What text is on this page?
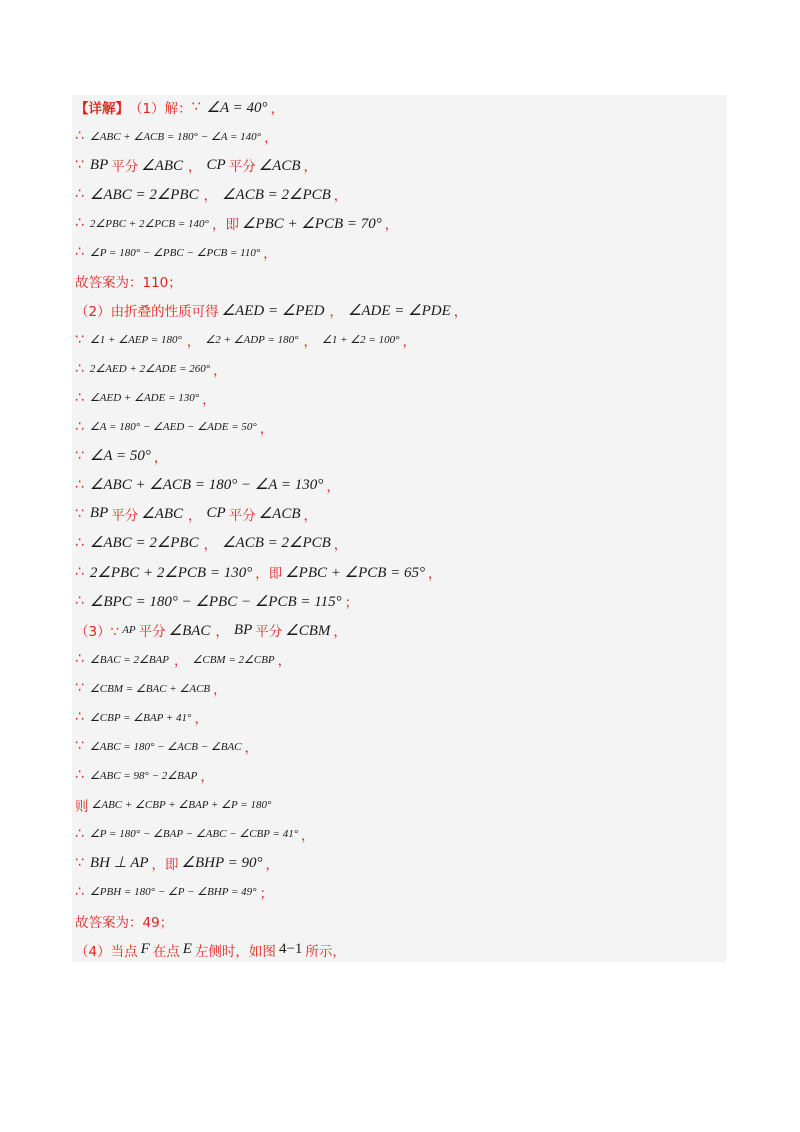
【详解】 （1）解： ∵ ∠A = 40° ，
∴ ∠ABC + ∠ACB = 180° − ∠A = 140° ，
∵ BP 平分 ∠ABC ， CP 平分 ∠ACB ，
∴ ∠ABC = 2∠PBC ， ∠ACB = 2∠PCB ，
∴ 2∠PBC + 2∠PCB = 140° ，即 ∠PBC + ∠PCB = 70° ，
∴ ∠P = 180° − ∠PBC − ∠PCB = 110° ，
故答案为：110；
（2）由折叠的性质可得 ∠AED = ∠PED ， ∠ADE = ∠PDE ，
∵ ∠1 + ∠AEP = 180° ， ∠2 + ∠ADP = 180° ， ∠1 + ∠2 = 100° ，
∴ 2∠AED + 2∠ADE = 260° ，
∴ ∠AED + ∠ADE = 130° ，
∴ ∠A = 180° − ∠AED − ∠ADE = 50° ，
∵ ∠A = 50° ，
∴ ∠ABC + ∠ACB = 180° − ∠A = 130° ，
∵ BP 平分 ∠ABC ， CP 平分 ∠ACB ，
∴ ∠ABC = 2∠PBC ， ∠ACB = 2∠PCB ，
∴ 2∠PBC + 2∠PCB = 130° ，即 ∠PBC + ∠PCB = 65° ，
∴ ∠BPC = 180° − ∠PBC − ∠PCB = 115° ；
（3）∵ AP 平分 ∠BAC ， BP 平分 ∠CBM ，
∴ ∠BAC = 2∠BAP ， ∠CBM = 2∠CBP ，
∵ ∠CBM = ∠BAC + ∠ACB ，
∴ ∠CBP = ∠BAP + 41° ，
∵ ∠ABC = 180° − ∠ACB − ∠BAC ，
∴ ∠ABC = 98° − 2∠BAP ，
则 ∠ABC + ∠CBP + ∠BAP + ∠P = 180°
∴ ∠P = 180° − ∠BAP − ∠ABC − ∠CBP = 41° ，
∵ BH ⊥ AP ，即 ∠BHP = 90° ，
∴ ∠PBH = 180° − ∠P − ∠BHP = 49° ；
故答案为：49；
（4）当点 F 在点 E 左侧时，如图 4−1 所示，
